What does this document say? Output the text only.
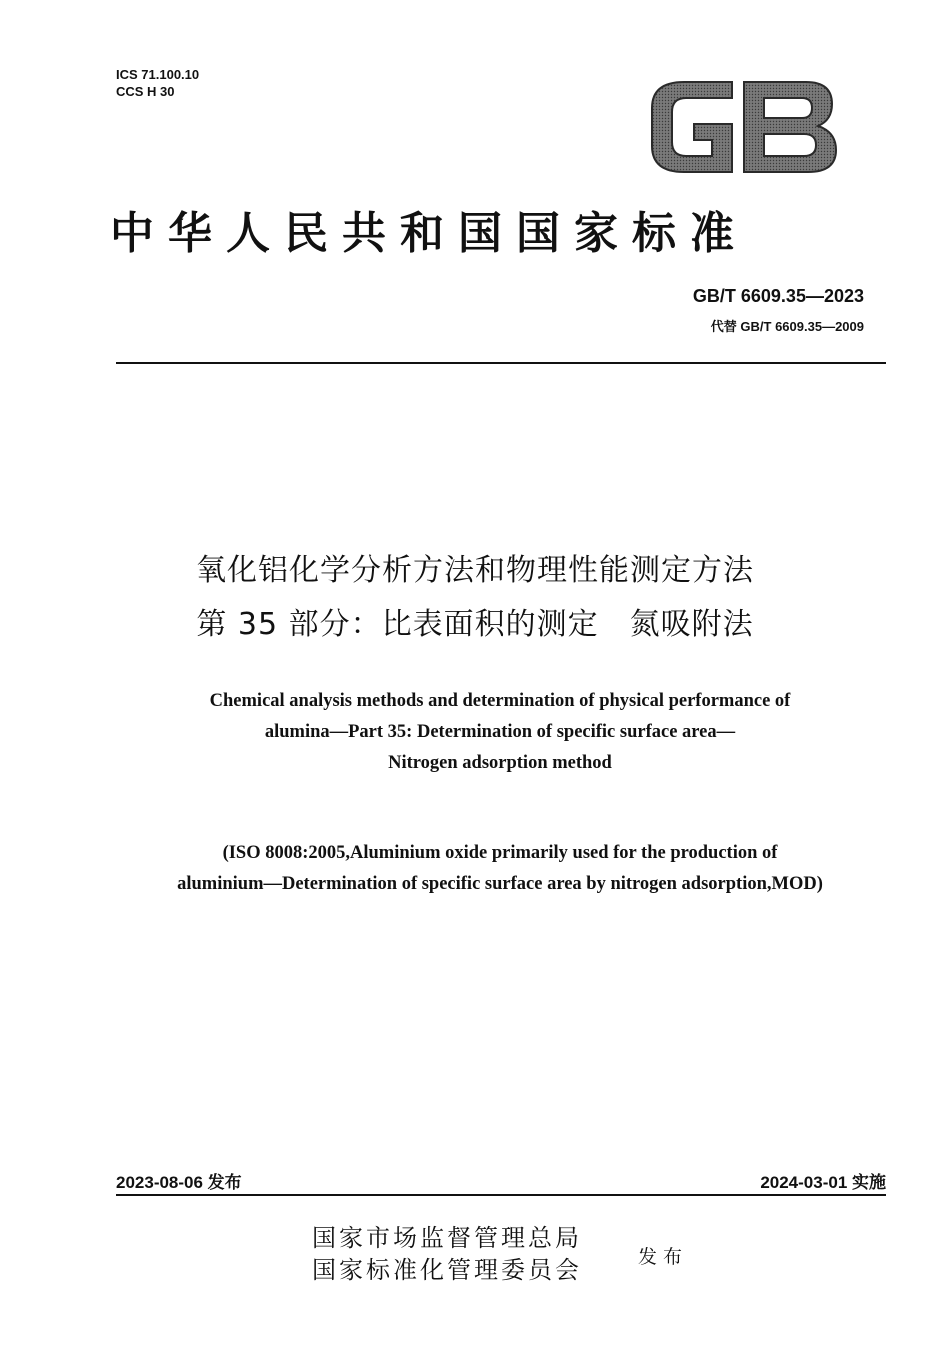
ICS 71.100.10
CCS H 30
中华人民共和国国家标准
GB/T 6609.35—2023
代替 GB/T 6609.35—2009
氧化铝化学分析方法和物理性能测定方法
第 35 部分：比表面积的测定　氮吸附法
Chemical analysis methods and determination of physical performance of
alumina—Part 35: Determination of specific surface area—
Nitrogen adsorption method
(ISO 8008:2005,Aluminium oxide primarily used for the production of
aluminium—Determination of specific surface area by nitrogen adsorption,MOD)
2023-08-06 发布	2024-03-01 实施
国家市场监督管理总局
国家标准化管理委员会	发布
